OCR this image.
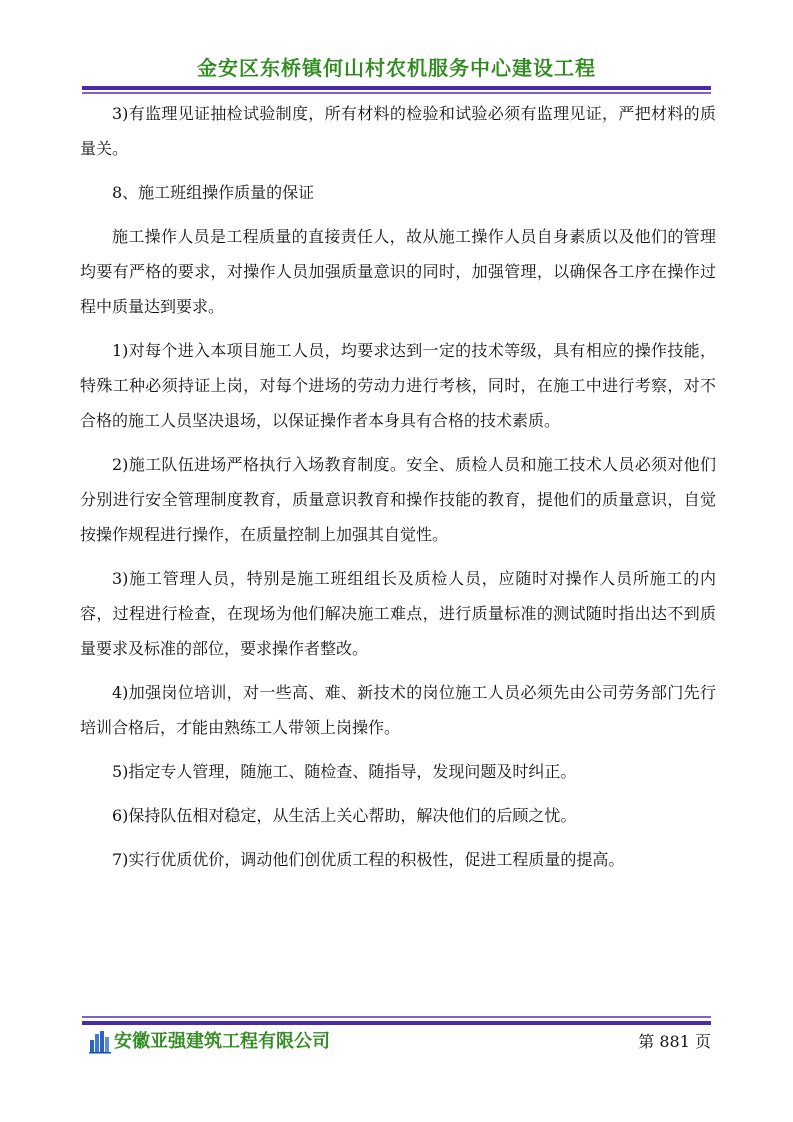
金安区东桥镇何山村农机服务中心建设工程

3)有监理见证抽检试验制度，所有材料的检验和试验必须有监理见证，严把材料的质量关。

8、施工班组操作质量的保证

施工操作人员是工程质量的直接责任人，故从施工操作人员自身素质以及他们的管理均要有严格的要求，对操作人员加强质量意识的同时，加强管理，以确保各工序在操作过程中质量达到要求。

1)对每个进入本项目施工人员，均要求达到一定的技术等级，具有相应的操作技能，特殊工种必须持证上岗，对每个进场的劳动力进行考核，同时，在施工中进行考察，对不合格的施工人员坚决退场，以保证操作者本身具有合格的技术素质。

2)施工队伍进场严格执行入场教育制度。安全、质检人员和施工技术人员必须对他们分别进行安全管理制度教育，质量意识教育和操作技能的教育，提他们的质量意识，自觉按操作规程进行操作，在质量控制上加强其自觉性。

3)施工管理人员，特别是施工班组组长及质检人员，应随时对操作人员所施工的内容，过程进行检查，在现场为他们解决施工难点，进行质量标准的测试随时指出达不到质量要求及标准的部位，要求操作者整改。

4)加强岗位培训，对一些高、难、新技术的岗位施工人员必须先由公司劳务部门先行培训合格后，才能由熟练工人带领上岗操作。

5)指定专人管理，随施工、随检查、随指导，发现问题及时纠正。

6)保持队伍相对稳定，从生活上关心帮助，解决他们的后顾之忧。

7)实行优质优价，调动他们创优质工程的积极性，促进工程质量的提高。

安徽亚强建筑工程有限公司	第 881 页
